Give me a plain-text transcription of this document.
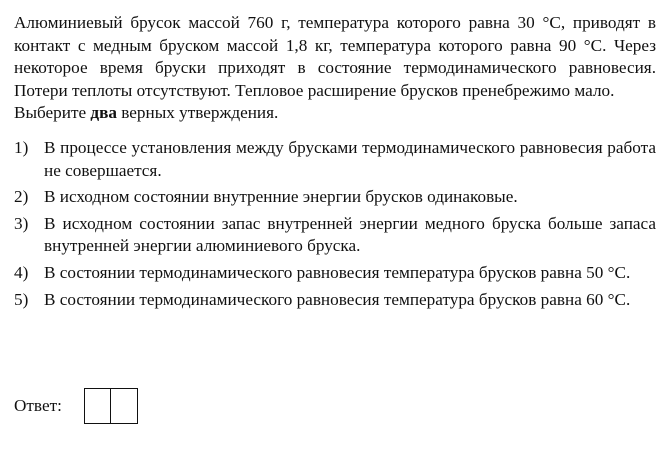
Алюминиевый брусок массой 760 г, температура которого равна 30 °С, приводят в контакт с медным бруском массой 1,8 кг, температура которого равна 90 °С. Через некоторое время бруски приходят в состояние термодинамического равновесия. Потери теплоты отсутствуют. Тепловое расширение брусков пренебрежимо мало.

Выберите два верных утверждения.

1) В процессе установления между брусками термодинамического равновесия работа не совершается.
2) В исходном состоянии внутренние энергии брусков одинаковые.
3) В исходном состоянии запас внутренней энергии медного бруска больше запаса внутренней энергии алюминиевого бруска.
4) В состоянии термодинамического равновесия температура брусков равна 50 °С.
5) В состоянии термодинамического равновесия температура брусков равна 60 °С.
Ответ:
